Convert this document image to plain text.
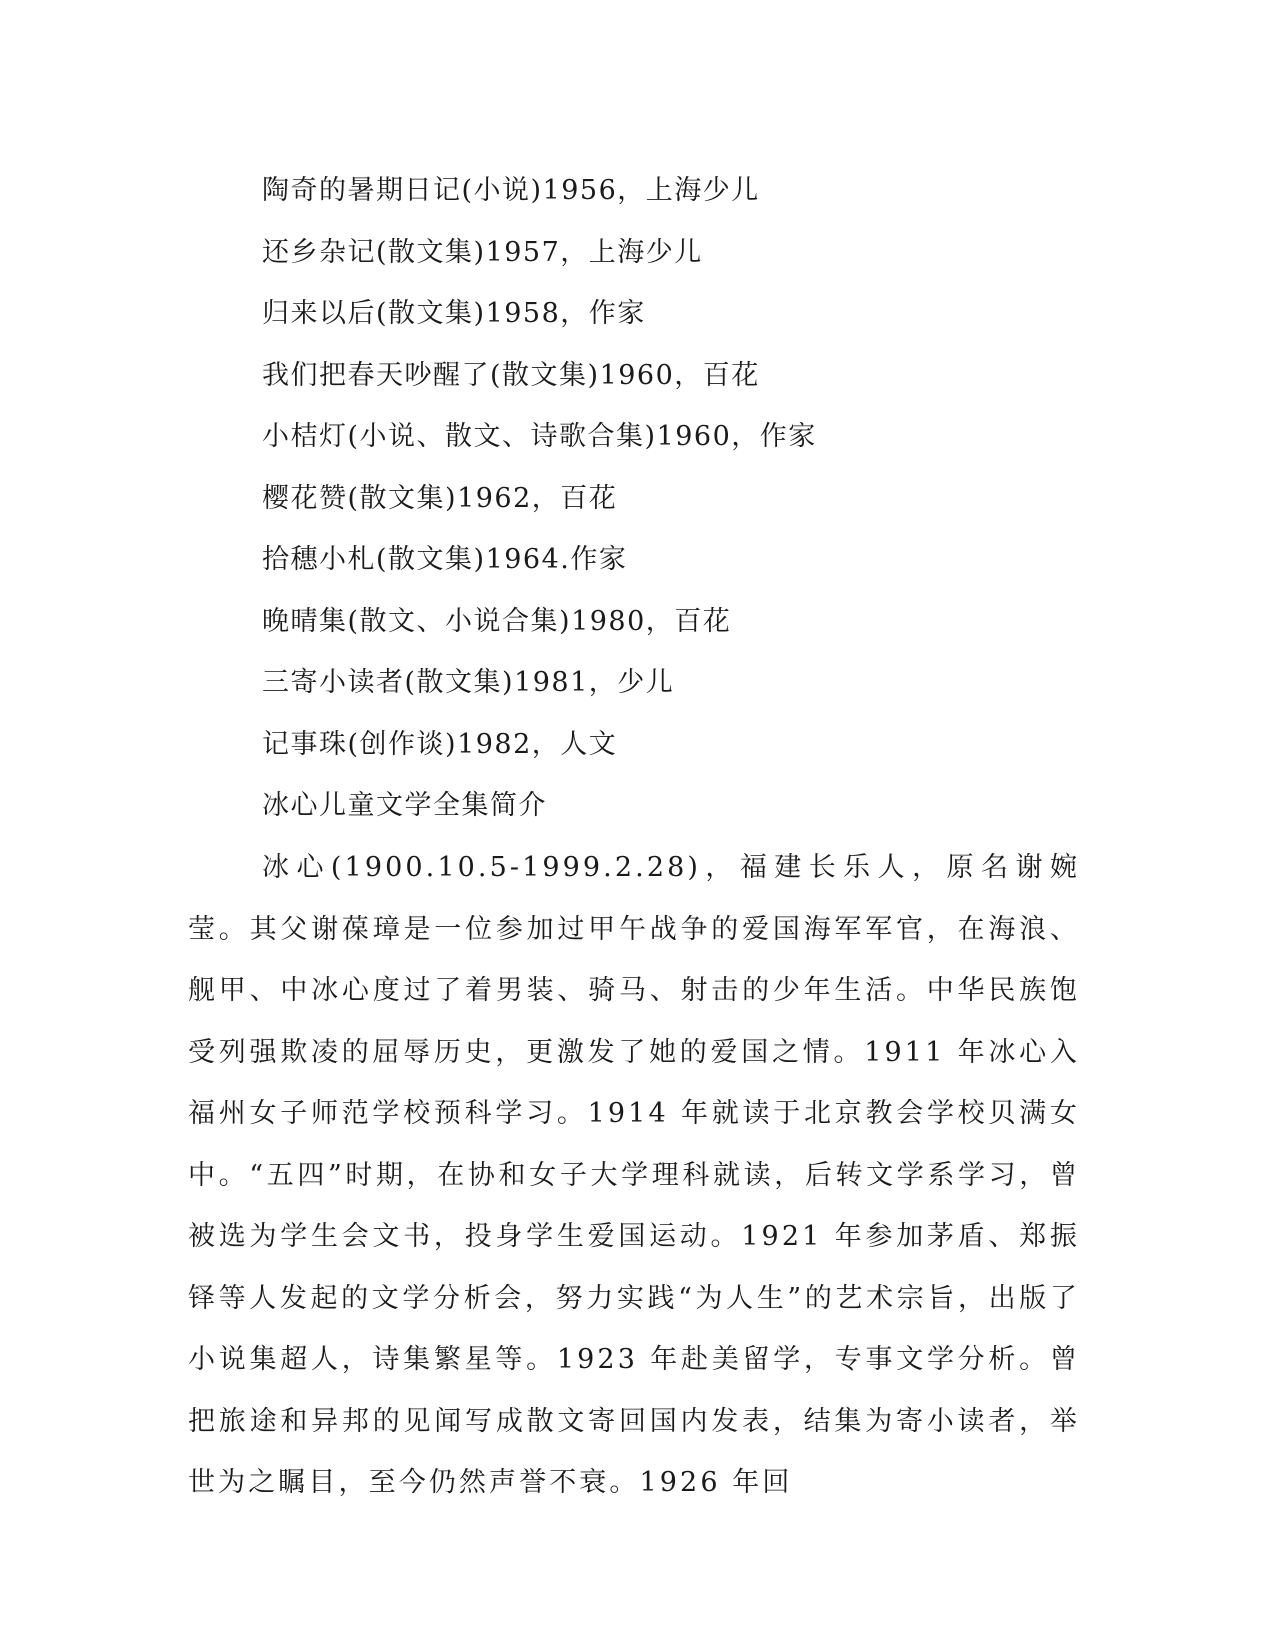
陶奇的暑期日记(小说)1956，上海少儿
还乡杂记(散文集)1957，上海少儿
归来以后(散文集)1958，作家
我们把春天吵醒了(散文集)1960，百花
小桔灯(小说、散文、诗歌合集)1960，作家
樱花赞(散文集)1962，百花
拾穗小札(散文集)1964.作家
晚晴集(散文、小说合集)1980，百花
三寄小读者(散文集)1981，少儿
记事珠(创作谈)1982，人文
冰心儿童文学全集简介

冰心(1900.10.5-1999.2.28)，福建长乐人，原名谢婉莹。其父谢葆璋是一位参加过甲午战争的爱国海军军官，在海浪、舰甲、中冰心度过了着男装、骑马、射击的少年生活。中华民族饱受列强欺凌的屈辱历史，更激发了她的爱国之情。1911 年冰心入福州女子师范学校预科学习。1914 年就读于北京教会学校贝满女中。“五四”时期，在协和女子大学理科就读，后转文学系学习，曾被选为学生会文书，投身学生爱国运动。1921 年参加茅盾、郑振铎等人发起的文学分析会，努力实践“为人生”的艺术宗旨，出版了小说集超人，诗集繁星等。1923 年赴美留学，专事文学分析。曾把旅途和异邦的见闻写成散文寄回国内发表，结集为寄小读者，举世为之瞩目，至今仍然声誉不衰。1926 年回
